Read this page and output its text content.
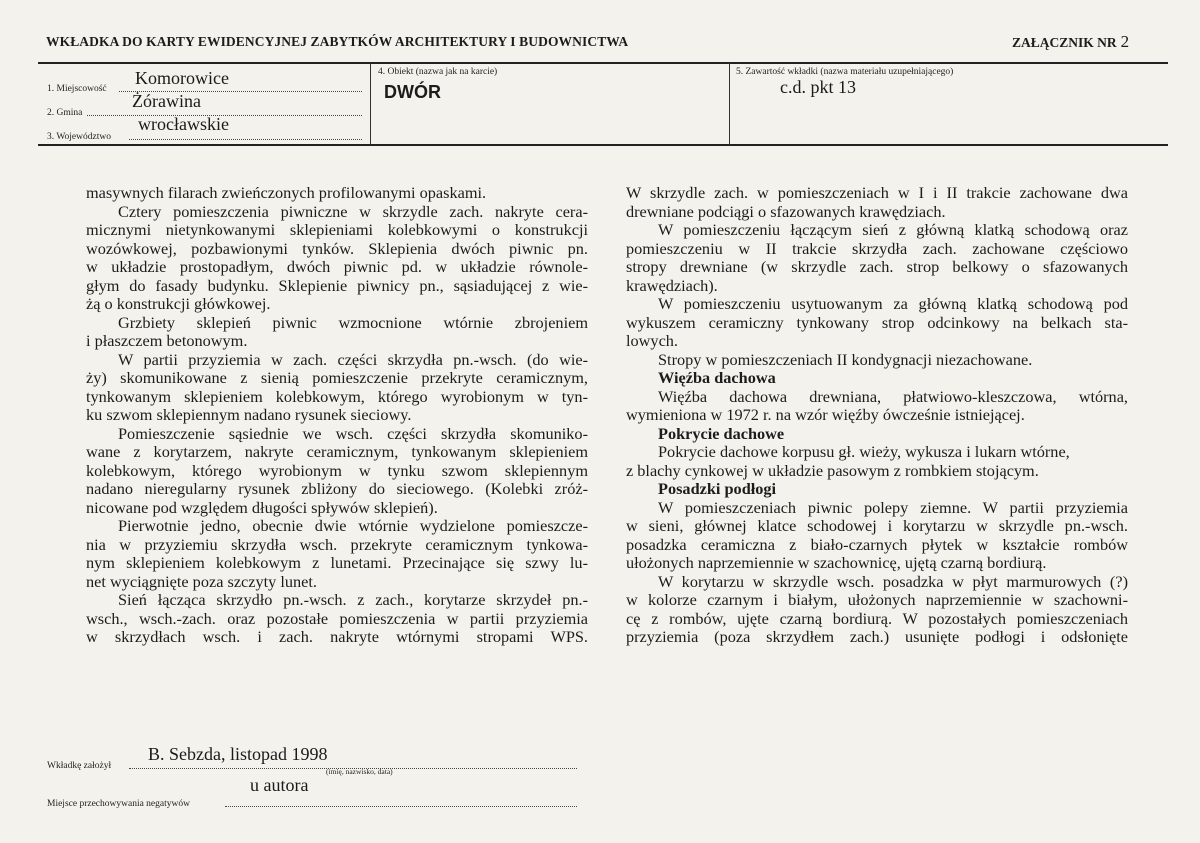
WKŁADKA DO KARTY EWIDENCYJNEJ ZABYTKÓW ARCHITEKTURY I BUDOWNICTWA	ZAŁĄCZNIK NR 2
1. Miejscowość
Komorowice
2. Gmina
Żórawina
3. Województwo
wrocławskie
4. Obiekt (nazwa jak na karcie)
DWÓR
5. Zawartość wkładki (nazwa materiału uzupełniającego)
c.d. pkt 13
masywnych filarach zwieńczonych profilowanymi opaskami.
Cztery pomieszczenia piwniczne w skrzydle zach. nakryte cera-
micznymi nietynkowanymi sklepieniami kolebkowymi o konstrukcji
wozówkowej, pozbawionymi tynków. Sklepienia dwóch piwnic pn.
w układzie prostopadłym, dwóch piwnic pd. w układzie równole-
głym do fasady budynku. Sklepienie piwnicy pn., sąsiadującej z wie-
żą o konstrukcji główkowej.
Grzbiety sklepień piwnic wzmocnione wtórnie zbrojeniem
i płaszczem betonowym.
W partii przyziemia w zach. części skrzydła pn.-wsch. (do wie-
ży) skomunikowane z sienią pomieszczenie przekryte ceramicznym,
tynkowanym sklepieniem kolebkowym, którego wyrobionym w tyn-
ku szwom sklepiennym nadano rysunek sieciowy.
Pomieszczenie sąsiednie we wsch. części skrzydła skomuniko-
wane z korytarzem, nakryte ceramicznym, tynkowanym sklepieniem
kolebkowym, którego wyrobionym w tynku szwom sklepiennym
nadano nieregularny rysunek zbliżony do sieciowego. (Kolebki zróż-
nicowane pod względem długości spływów sklepień).
Pierwotnie jedno, obecnie dwie wtórnie wydzielone pomieszcze-
nia w przyziemiu skrzydła wsch. przekryte ceramicznym tynkowa-
nym sklepieniem kolebkowym z lunetami. Przecinające się szwy lu-
net wyciągnięte poza szczyty lunet.
Sień łącząca skrzydło pn.-wsch. z zach., korytarze skrzydeł pn.-
wsch., wsch.-zach. oraz pozostałe pomieszczenia w partii przyziemia
w skrzydłach wsch. i zach. nakryte wtórnymi stropami WPS.
W skrzydle zach. w pomieszczeniach w I i II trakcie zachowane dwa
drewniane podciągi o sfazowanych krawędziach.
W pomieszczeniu łączącym sień z główną klatką schodową oraz
pomieszczeniu w II trakcie skrzydła zach. zachowane częściowo
stropy drewniane (w skrzydle zach. strop belkowy o sfazowanych
krawędziach).
W pomieszczeniu usytuowanym za główną klatką schodową pod
wykuszem ceramiczny tynkowany strop odcinkowy na belkach sta-
lowych.
Stropy w pomieszczeniach II kondygnacji niezachowane.
Więźba dachowa
Więźba dachowa drewniana, płatwiowo-kleszczowa, wtórna,
wymieniona w 1972 r. na wzór więźby ówcześnie istniejącej.
Pokrycie dachowe
Pokrycie dachowe korpusu gł. wieży, wykusza i lukarn wtórne,
z blachy cynkowej w układzie pasowym z rombkiem stojącym.
Posadzki podłogi
W pomieszczeniach piwnic polepy ziemne. W partii przyziemia
w sieni, głównej klatce schodowej i korytarzu w skrzydle pn.-wsch.
posadzka ceramiczna z biało-czarnych płytek w kształcie rombów
ułożonych naprzemiennie w szachownicę, ujętą czarną bordiurą.
W korytarzu w skrzydle wsch. posadzka w płyt marmurowych (?)
w kolorze czarnym i białym, ułożonych naprzemiennie w szachowni-
cę z rombów, ujęte czarną bordiurą. W pozostałych pomieszczeniach
przyziemia (poza skrzydłem zach.) usunięte podłogi i odsłonięte
Wkładkę założył
B. Sebzda, listopad 1998
(imię, nazwisko, data)
Miejsce przechowywania negatywów
u autora
